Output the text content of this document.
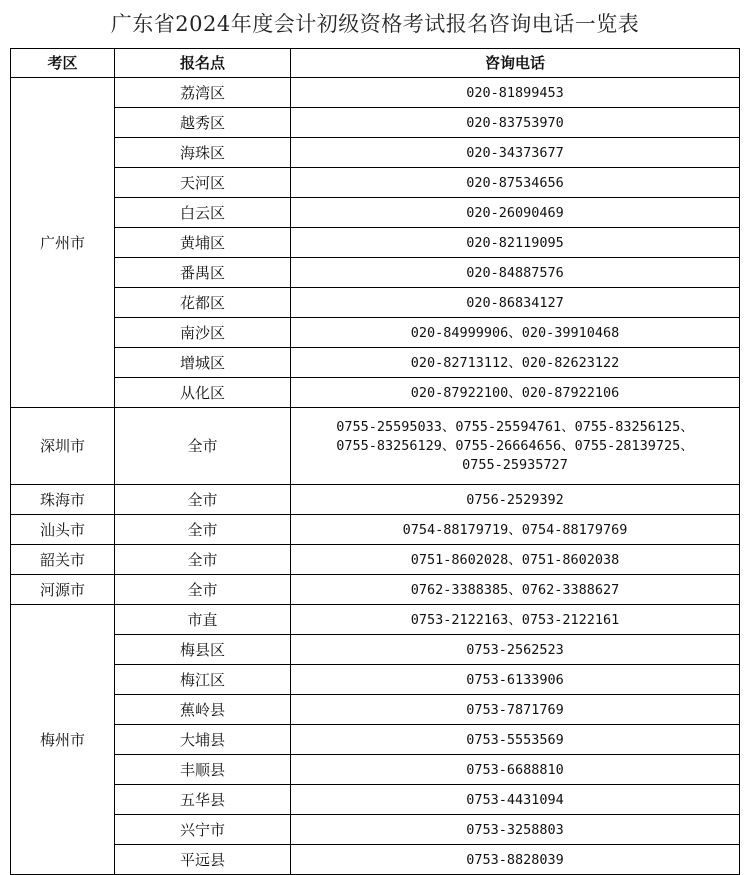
广东省2024年度会计初级资格考试报名咨询电话一览表
考区	报名点	咨询电话
广州市	荔湾区	020-81899453
	越秀区	020-83753970
	海珠区	020-34373677
	天河区	020-87534656
	白云区	020-26090469
	黄埔区	020-82119095
	番禺区	020-84887576
	花都区	020-86834127
	南沙区	020-84999906、020-39910468
	增城区	020-82713112、020-82623122
	从化区	020-87922100、020-87922106
深圳市	全市	0755-25595033、0755-25594761、0755-83256125、
0755-83256129、0755-26664656、0755-28139725、
0755-25935727

珠海市	全市	0756-2529392
汕头市	全市	0754-88179719、0754-88179769
韶关市	全市	0751-8602028、0751-8602038
河源市	全市	0762-3388385、0762-3388627
梅州市	市直	0753-2122163、0753-2122161
	梅县区	0753-2562523
	梅江区	0753-6133906
	蕉岭县	0753-7871769
	大埔县	0753-5553569
	丰顺县	0753-6688810
	五华县	0753-4431094
	兴宁市	0753-3258803
	平远县	0753-8828039
